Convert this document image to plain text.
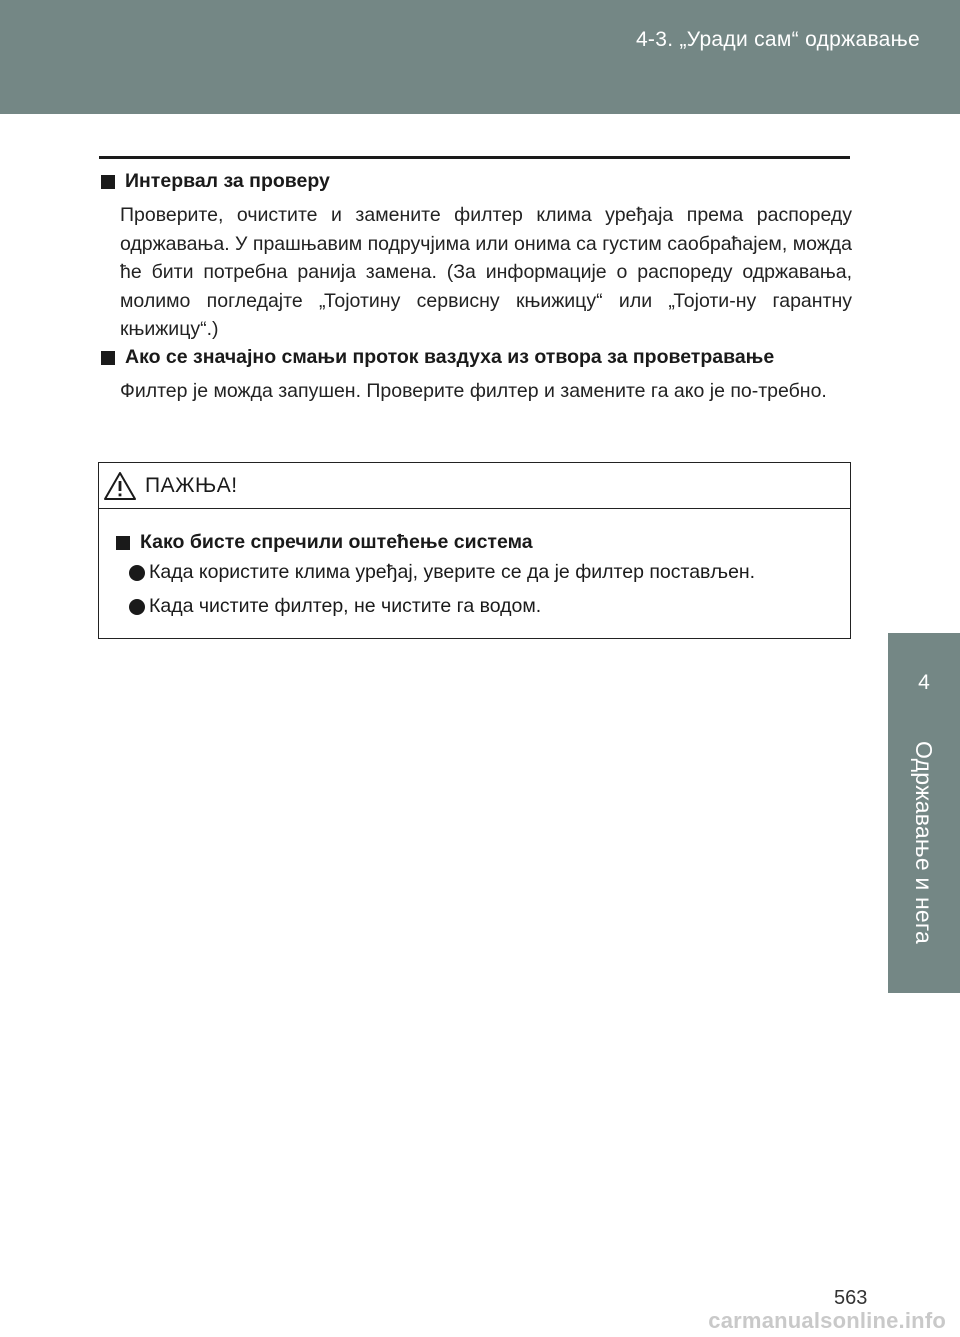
4-3. „Уради сам“ одржавање
4
Одржавање и нега
Интервал за проверу
Проверите, очистите и замените филтер клима уређаја према распореду одржавања. У прашњавим подручјима или онима са густим саобраћајем, можда ће бити потребна ранија замена. (За информације о распореду одржавања, молимо погледајте „Тојотину сервисну књижицу“ или „Тојоти-ну гарантну књижицу“.)
Ако се значајно смањи проток ваздуха из отвора за проветравање
Филтер је можда запушен. Проверите филтер и замените га ако је по-требно.
ПАЖЊА!
Како бисте спречили оштећење система
Када користите клима уређај, уверите се да је филтер постављен.
Када чистите филтер, не чистите га водом.
563
carmanualsonline.info
